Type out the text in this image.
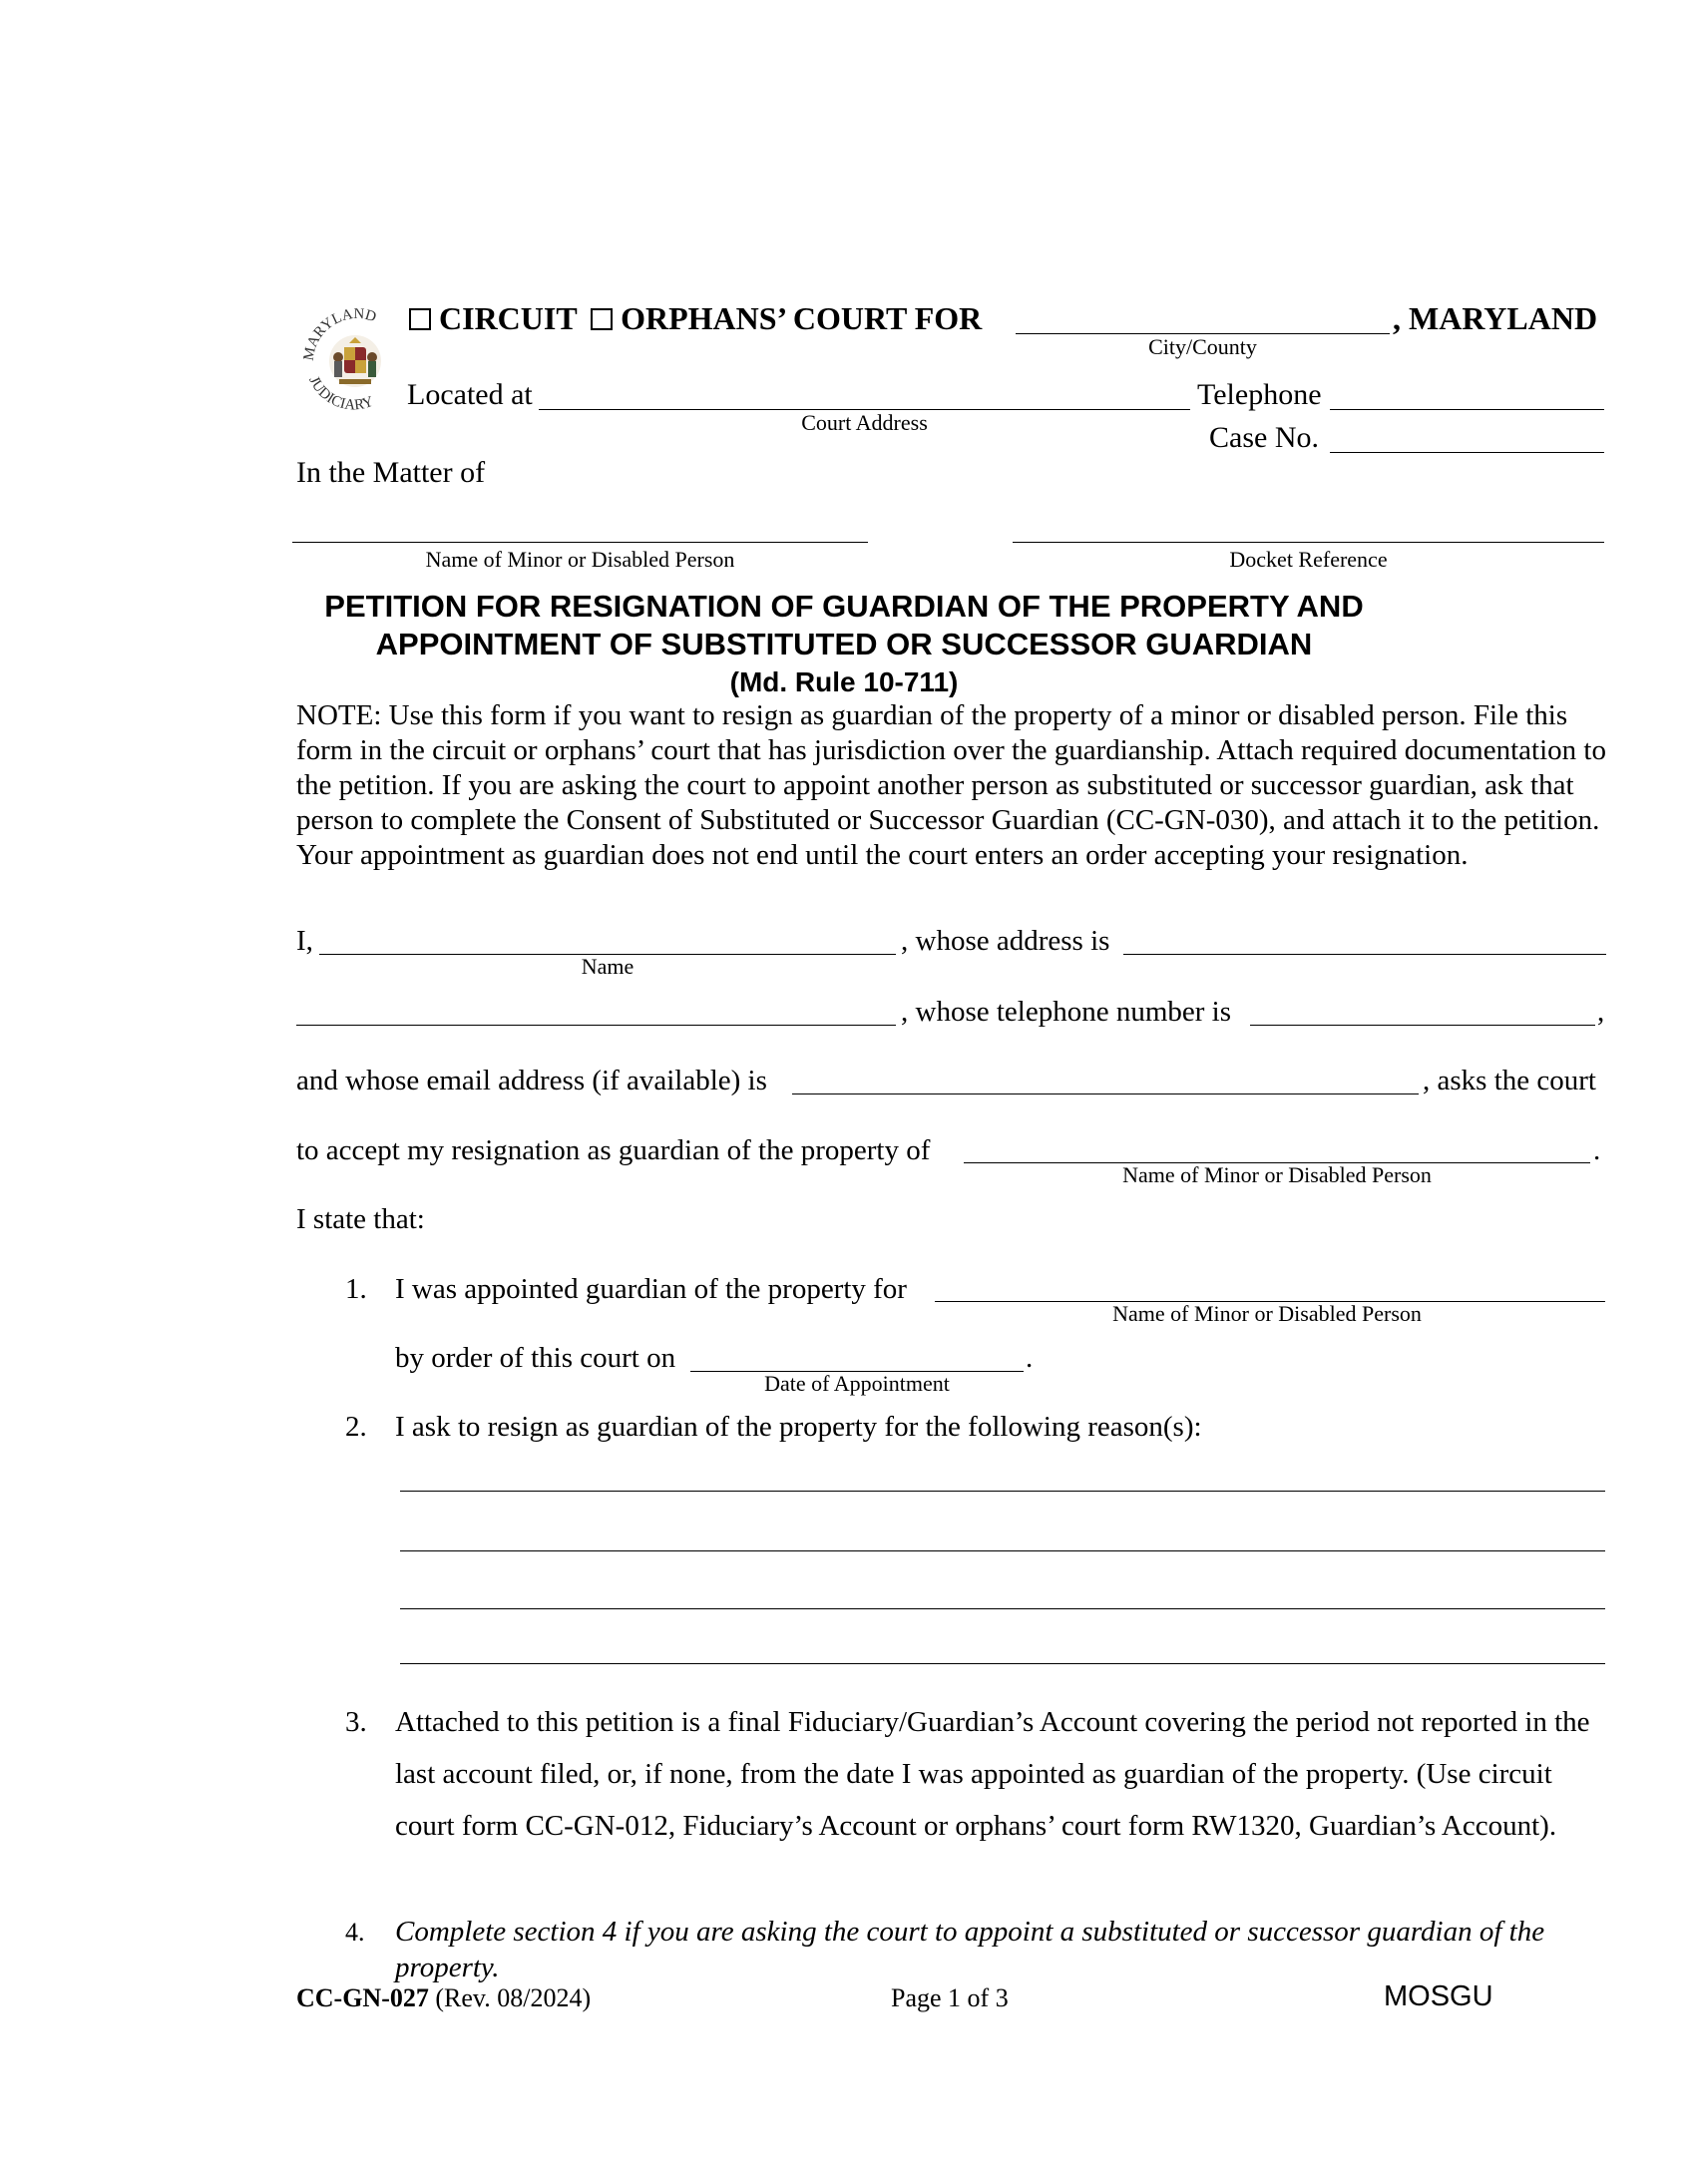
MARYLAND
JUDICIARY
CIRCUIT ORPHANS’ COURT FOR	, MARYLAND
City/County
Located at
Court Address
Telephone
Case No.
In the Matter of
Name of Minor or Disabled Person	Docket Reference
PETITION FOR RESIGNATION OF GUARDIAN OF THE PROPERTY AND
APPOINTMENT OF SUBSTITUTED OR SUCCESSOR GUARDIAN
(Md. Rule 10-711)
NOTE: Use this form if you want to resign as guardian of the property of a minor or disabled person. File this form in the circuit or orphans’ court that has jurisdiction over the guardianship. Attach required documentation to the petition. If you are asking the court to appoint another person as substituted or successor guardian, ask that person to complete the Consent of Substituted or Successor Guardian (CC-GN-030), and attach it to the petition. Your appointment as guardian does not end until the court enters an order accepting your resignation.
I,
Name
, whose address is
, whose telephone number is	,
and whose email address (if available) is	, asks the court
to accept my resignation as guardian of the property of	.
Name of Minor or Disabled Person
I state that:
1. I was appointed guardian of the property for
Name of Minor or Disabled Person
by order of this court on	.
Date of Appointment
2. I ask to resign as guardian of the property for the following reason(s):
3. Attached to this petition is a final Fiduciary/Guardian’s Account covering the period not reported in the last account filed, or, if none, from the date I was appointed as guardian of the property. (Use circuit court form CC-GN-012, Fiduciary’s Account or orphans’ court form RW1320, Guardian’s Account).
4. Complete section 4 if you are asking the court to appoint a substituted or successor guardian of the property.
CC-GN-027 (Rev. 08/2024)	Page 1 of 3	MOSGU
